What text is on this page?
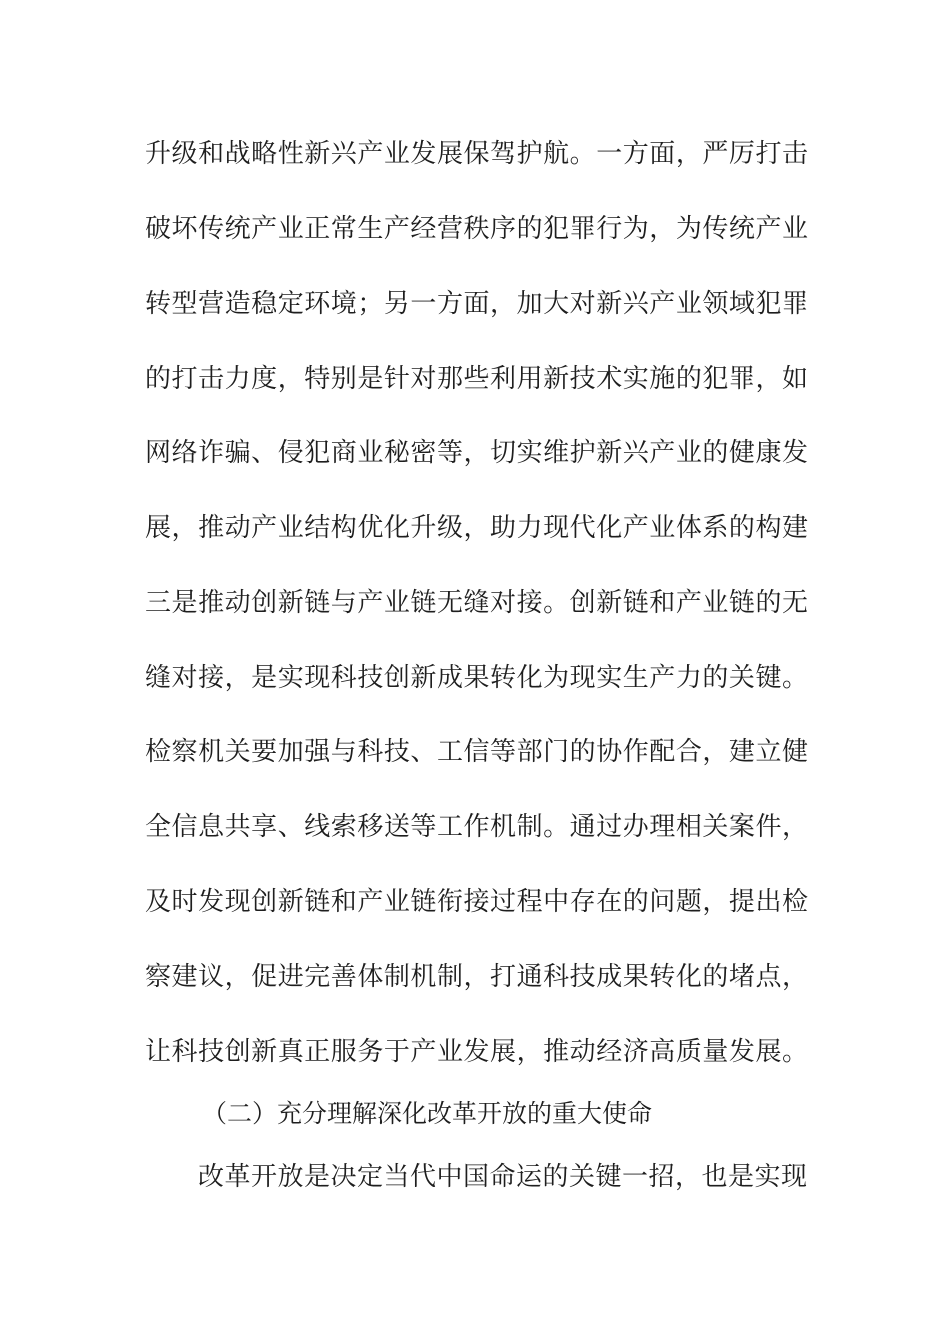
升级和战略性新兴产业发展保驾护航。一方面，严厉打击
破坏传统产业正常生产经营秩序的犯罪行为，为传统产业
转型营造稳定环境；另一方面，加大对新兴产业领域犯罪
的打击力度，特别是针对那些利用新技术实施的犯罪，如
网络诈骗、侵犯商业秘密等，切实维护新兴产业的健康发
展，推动产业结构优化升级，助力现代化产业体系的构建
三是推动创新链与产业链无缝对接。创新链和产业链的无
缝对接，是实现科技创新成果转化为现实生产力的关键。
检察机关要加强与科技、工信等部门的协作配合，建立健
全信息共享、线索移送等工作机制。通过办理相关案件，
及时发现创新链和产业链衔接过程中存在的问题，提出检
察建议，促进完善体制机制，打通科技成果转化的堵点，
让科技创新真正服务于产业发展，推动经济高质量发展。
（二）充分理解深化改革开放的重大使命
改革开放是决定当代中国命运的关键一招，也是实现
